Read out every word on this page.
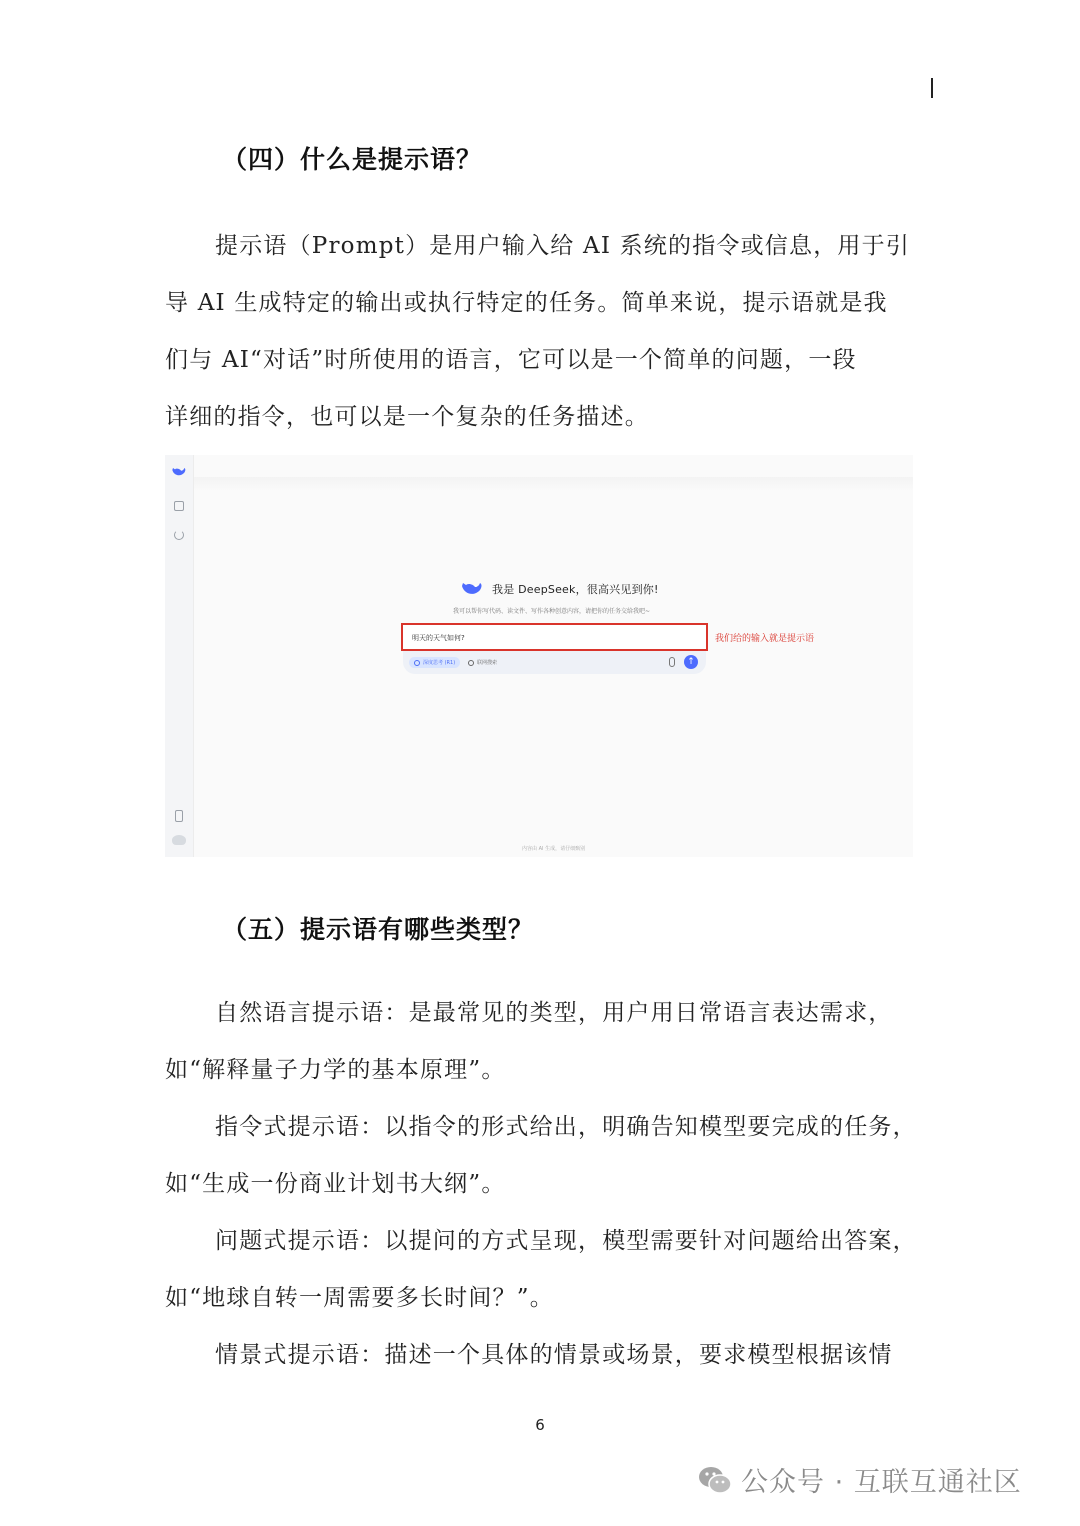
（四）什么是提示语？
提示语（Prompt）是用户输入给 AI 系统的指令或信息，用于引
导 AI 生成特定的输出或执行特定的任务。简单来说，提示语就是我
们与 AI“对话”时所使用的语言，它可以是一个简单的问题，一段
详细的指令，也可以是一个复杂的任务描述。
我是 DeepSeek，很高兴见到你!
我可以帮你写代码、读文件、写作各种创意内容，请把你的任务交给我吧~
明天的天气如何?
深度思考 (R1)	联网搜索	↑
我们给的输入就是提示语
内容由 AI 生成，请仔细甄别
（五）提示语有哪些类型？
自然语言提示语：是最常见的类型，用户用日常语言表达需求，
如“解释量子力学的基本原理”。
指令式提示语：以指令的形式给出，明确告知模型要完成的任务，
如“生成一份商业计划书大纲”。
问题式提示语：以提问的方式呈现，模型需要针对问题给出答案，
如“地球自转一周需要多长时间？”。
情景式提示语：描述一个具体的情景或场景，要求模型根据该情
6
公众号 · 互联互通社区
